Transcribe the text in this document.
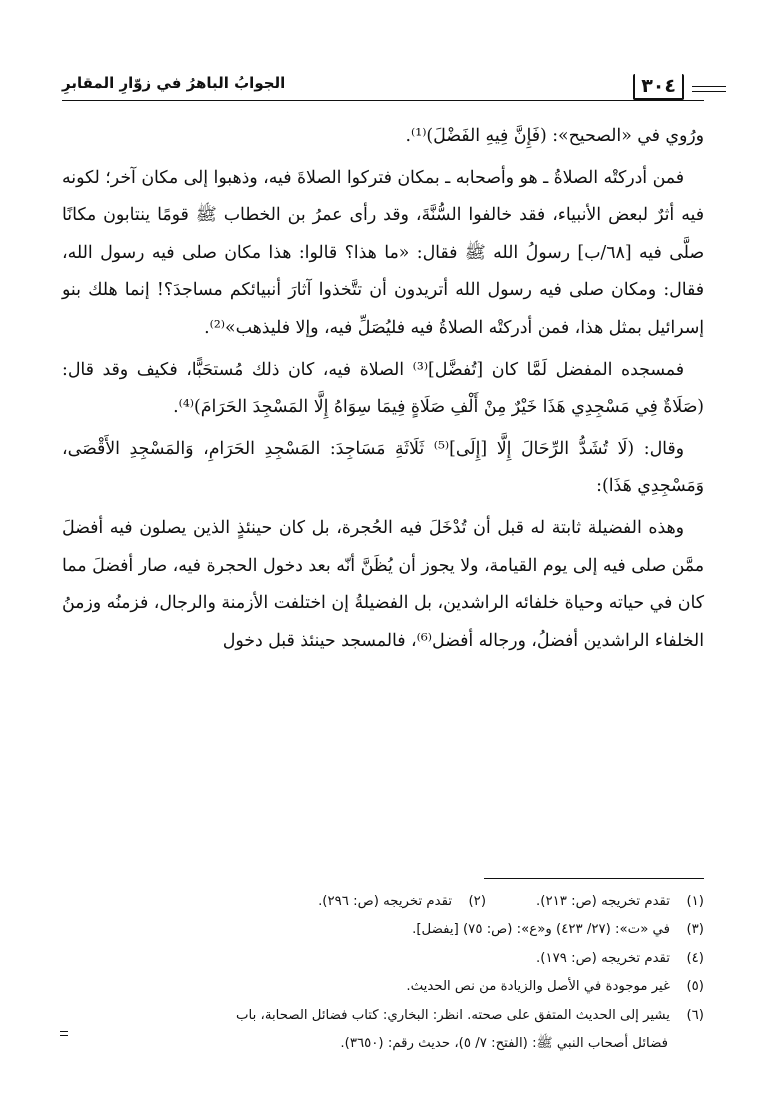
٣٠٤
الجوابُ الباهرُ في زوّارِ المقابرِ

ورُوي في «الصحيح»: (فَإِنَّ فِيهِ الفَضْلَ)⁽¹⁾.

فمن أدركتْه الصلاةُ ـ هو وأصحابه ـ بمكان فتركوا الصلاةَ فيه، وذهبوا إلى مكان آخر؛ لكونه فيه أثرٌ لبعض الأنبياء، فقد خالفوا السُّنَّةَ، وقد رأى عمرُ بن الخطاب ﷺ قومًا ينتابون مكانًا صلَّى فيه [٦٨/ب] رسولُ الله ﷺ فقال: «ما هذا؟ قالوا: هذا مكان صلى فيه رسول الله، فقال: ومكان صلى فيه رسول الله أتريدون أن تتَّخذوا آثارَ أنبيائكم مساجدَ؟! إنما هلك بنو إسرائيل بمثل هذا، فمن أدركتْه الصلاةُ فيه فليُصَلِّ فيه، وإلا فليذهب»⁽²⁾.

فمسجده المفضل لَمَّا كان [تُفضَّل]⁽³⁾ الصلاة فيه، كان ذلك مُستحَبًّا، فكيف وقد قال: (صَلَاةٌ فِي مَسْجِدِي هَذَا خَيْرٌ مِنْ أَلْفِ صَلَاةٍ فِيمَا سِوَاهُ إِلَّا المَسْجِدَ الحَرَامَ)⁽⁴⁾.

وقال: (لَا تُشَدُّ الرِّحَالَ إِلَّا [إِلَى]⁽⁵⁾ ثَلَاثَةِ مَسَاجِدَ: المَسْجِدِ الحَرَامِ، وَالمَسْجِدِ الأَقْصَى، وَمَسْجِدِي هَذَا):

وهذه الفضيلة ثابتة له قبل أن تُدْخَلَ فيه الحُجرة، بل كان حينئذٍ الذين يصلون فيه أفضلَ ممَّن صلى فيه إلى يوم القيامة، ولا يجوز أن يُظَنَّ أنّه بعد دخول الحجرة فيه، صار أفضلَ مما كان في حياته وحياة خلفائه الراشدين، بل الفضيلةُ إن اختلفت الأزمنة والرجال، فزمنُه وزمنُ الخلفاء الراشدين أفضلُ، ورجاله أفضل⁽⁶⁾، فالمسجد حينئذ قبل دخول

(١)تقدم تخريجه (ص: ٢١٣).
(٢)تقدم تخريجه (ص: ٢٩٦).
(٣)في «ت»: (٢٧/ ٤٢٣) و«ع»: (ص: ٧٥) [يفضل].
(٤)تقدم تخريجه (ص: ١٧٩).
(٥)غير موجودة في الأصل والزيادة من نص الحديث.
(٦)يشير إلى الحديث المتفق على صحته. انظر: البخاري: كتاب فضائل الصحابة، باب
فضائل أصحاب النبي ﷺ: (الفتح: ٧/ ٥)، حديث رقم: (٣٦٥٠).
